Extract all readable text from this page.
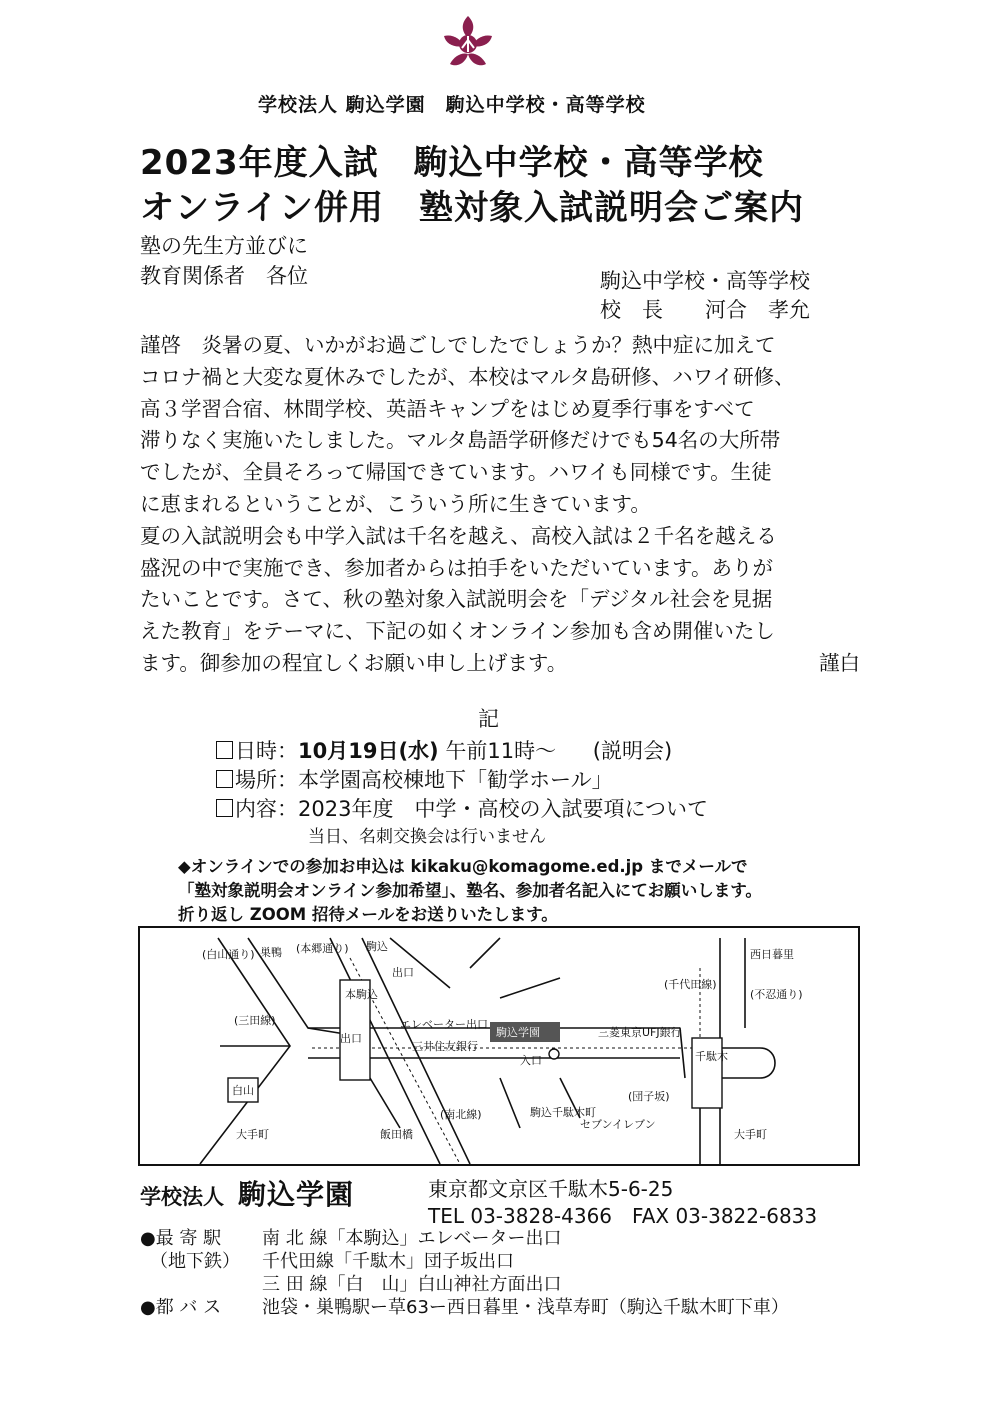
学校法人 駒込学園　駒込中学校・高等学校
2023年度入試　駒込中学校・高等学校
オンライン併用　塾対象入試説明会ご案内
塾の先生方並びに
教育関係者　各位	駒込中学校・高等学校
校　長　　河合　孝允
謹啓　炎暑の夏、いかがお過ごしでしたでしょうか？熱中症に加えて
コロナ禍と大変な夏休みでしたが、本校はマルタ島研修、ハワイ研修、
高３学習合宿、林間学校、英語キャンプをはじめ夏季行事をすべて
滞りなく実施いたしました。マルタ島語学研修だけでも54名の大所帯
でしたが、全員そろって帰国できています。ハワイも同様です。生徒
に恵まれるということが、こういう所に生きています。
夏の入試説明会も中学入試は千名を越え、高校入試は２千名を越える
盛況の中で実施でき、参加者からは拍手をいただいています。ありが
たいことです。さて、秋の塾対象入試説明会を「デジタル社会を見据
えた教育」をテーマに、下記の如くオンライン参加も含め開催いたし
ます。御参加の程宜しくお願い申し上げます。	謹白
記
日時：10月19日(水) 午前11時～ (説明会)
場所：本学園高校棟地下「勧学ホール」
内容：2023年度　中学・高校の入試要項について
当日、名刺交換会は行いません
◆オンラインでの参加お申込は kikaku@komagome.ed.jp までメールで
「塾対象説明会オンライン参加希望」、塾名、参加者名記入にてお願いします。
折り返し ZOOM 招待メールをお送りいたします。
(白山通り) 巣鴨 (本郷通り) 駒込
本駒込
(三田線)
出口
出口
エレベーター出口
三井住友銀行
駒込学園
入口
三菱東京UFJ銀行
(千代田線)
西日暮里
(不忍通り)
千駄木
白山
大手町	飯田橋
(南北線)	駒込千駄木町
セブンイレブン
(団子坂)
大手町
学校法人 駒込学園	東京都文京区千駄木5-6-25
TEL 03-3828-4366　FAX 03-3822-6833
●最 寄 駅
（地下鉄）
南 北 線「本駒込」エレベーター出口
千代田線「千駄木」団子坂出口
三 田 線「白　山」白山神社方面出口
●都 バ ス 池袋・巣鴨駅ー草63ー西日暮里・浅草寿町（駒込千駄木町下車）
